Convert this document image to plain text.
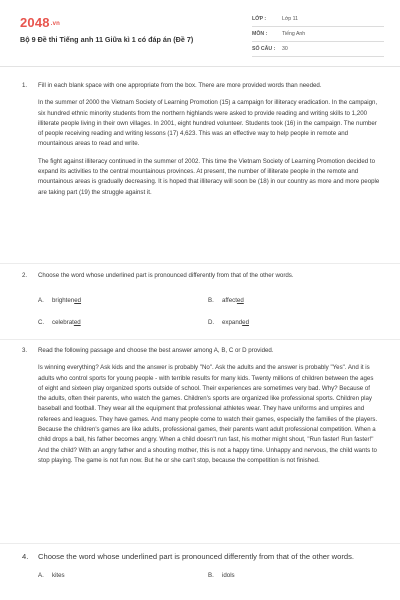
2048.vn
Bộ 9 Đề thi Tiếng anh 11 Giữa kì 1 có đáp án (Đề 7)
LỚP :	Lớp 11
MÔN :	Tiếng Anh
SỐ CÂU :	30
1. Fill in each blank space with one appropriate from the box. There are more provided words than needed.
In the summer of 2000 the Vietnam Society of Learning Promotion (15) a campaign for illiteracy eradication. In the campaign, six hundred ethnic minority students from the northern highlands were asked to provide reading and writing skills to 1,200 illiterate people living in their own villages. In 2001, eight hundred volunteer. Students took (16) in the campaign. The number of people receiving reading and writing lessons (17) 4,623. This was an effective way to help people in remote and mountainous areas to read and write.
The fight against illiteracy continued in the summer of 2002. This time the Vietnam Society of Learning Promotion decided to expand its activities to the central mountainous provinces. At present, the number of illiterate people in the remote and mountainous areas is gradually decreasing. It is hoped that illiteracy will soon be (18) in our country as more and more people are taking part (19) the struggle against it.
2. Choose the word whose underlined part is pronounced differently from that of the other words.
A. brightened	B. affected
C. celebrated	D. expanded
3. Read the following passage and choose the best answer among A, B, C or D provided.
Is winning everything? Ask kids and the answer is probably "No". Ask the adults and the answer is probably "Yes". And it is adults who control sports for young people - with terrible results for many kids. Twenty millions of children between the ages of eight and sixteen play organized sports outside of school. Their experiences are sometimes very bad. Why? Because of the adults, often their parents, who watch the games. Children's sports are organized like professional sports. Children play baseball and football. They wear all the equipment that professional athletes wear. They have uniforms and umpires and referees and leagues. They have games. And many people come to watch their games, especially the families of the players. Because the children's games are like adults, professional games, their parents want adult professional competition. When a child drops a ball, his father becomes angry. When a child doesn't run fast, his mother might shout, "Run faster! Run faster!" And the child? With an angry father and a shouting mother, this is not a happy time. Unhappy and nervous, the child wants to stop playing. The game is not fun now. But he or she can't stop, because the competition is not finished.
4. Choose the word whose underlined part is pronounced differently from that of the other words.
A. kites	B. idols
